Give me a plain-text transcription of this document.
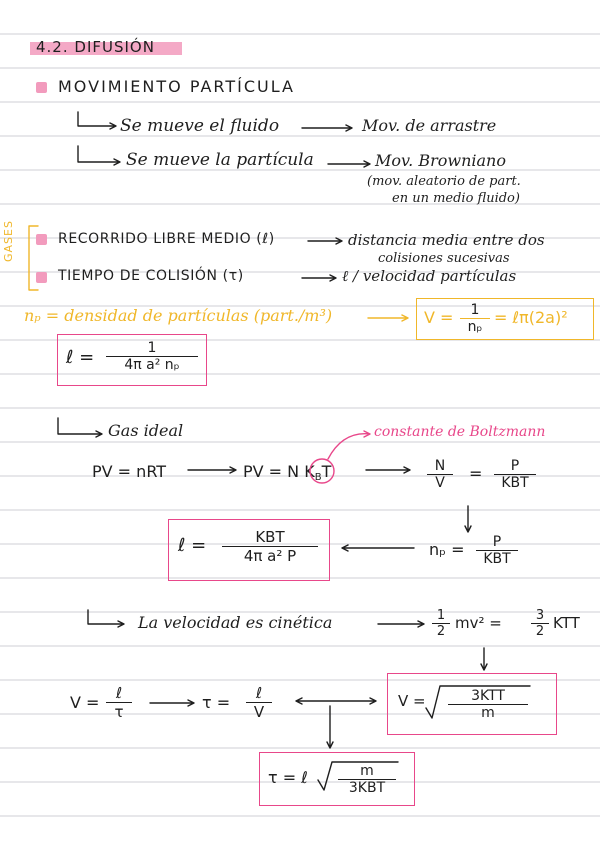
4.2. DIFUSIÓN
MOVIMIENTO PARTÍCULA
Se mueve el fluido	Mov. de arrastre
Se mueve la partícula	Mov. Browniano
(mov. aleatorio de part.
en un medio fluido)
GASES	RECORRIDO LIBRE MEDIO (ℓ)	distancia media entre dos
colisiones sucesivas
TIEMPO DE COLISIÓN (τ)	ℓ / velocidad partículas
nₚ = densidad de partículas (part./m³)	$V = \frac{1}{\text{nₚ}}$ = ℓπ(2a)²
ℓ = $\frac{1}{\text{4π a² nₚ}}$
Gas ideal	constante de Boltzmann
PV = nRT	PV = N KBT	$\frac{N}{V}$ =	P
KBT
nₚ =	P
KBT
ℓ =	KBT
4π a² P
La velocidad es cinética	$\frac{1}{2} mv^2 = \frac{3}{2}$ KTT
V =	ℓ
τ	τ =	ℓ
V
V =	3KTT
m
τ = ℓ	m
3KBT
